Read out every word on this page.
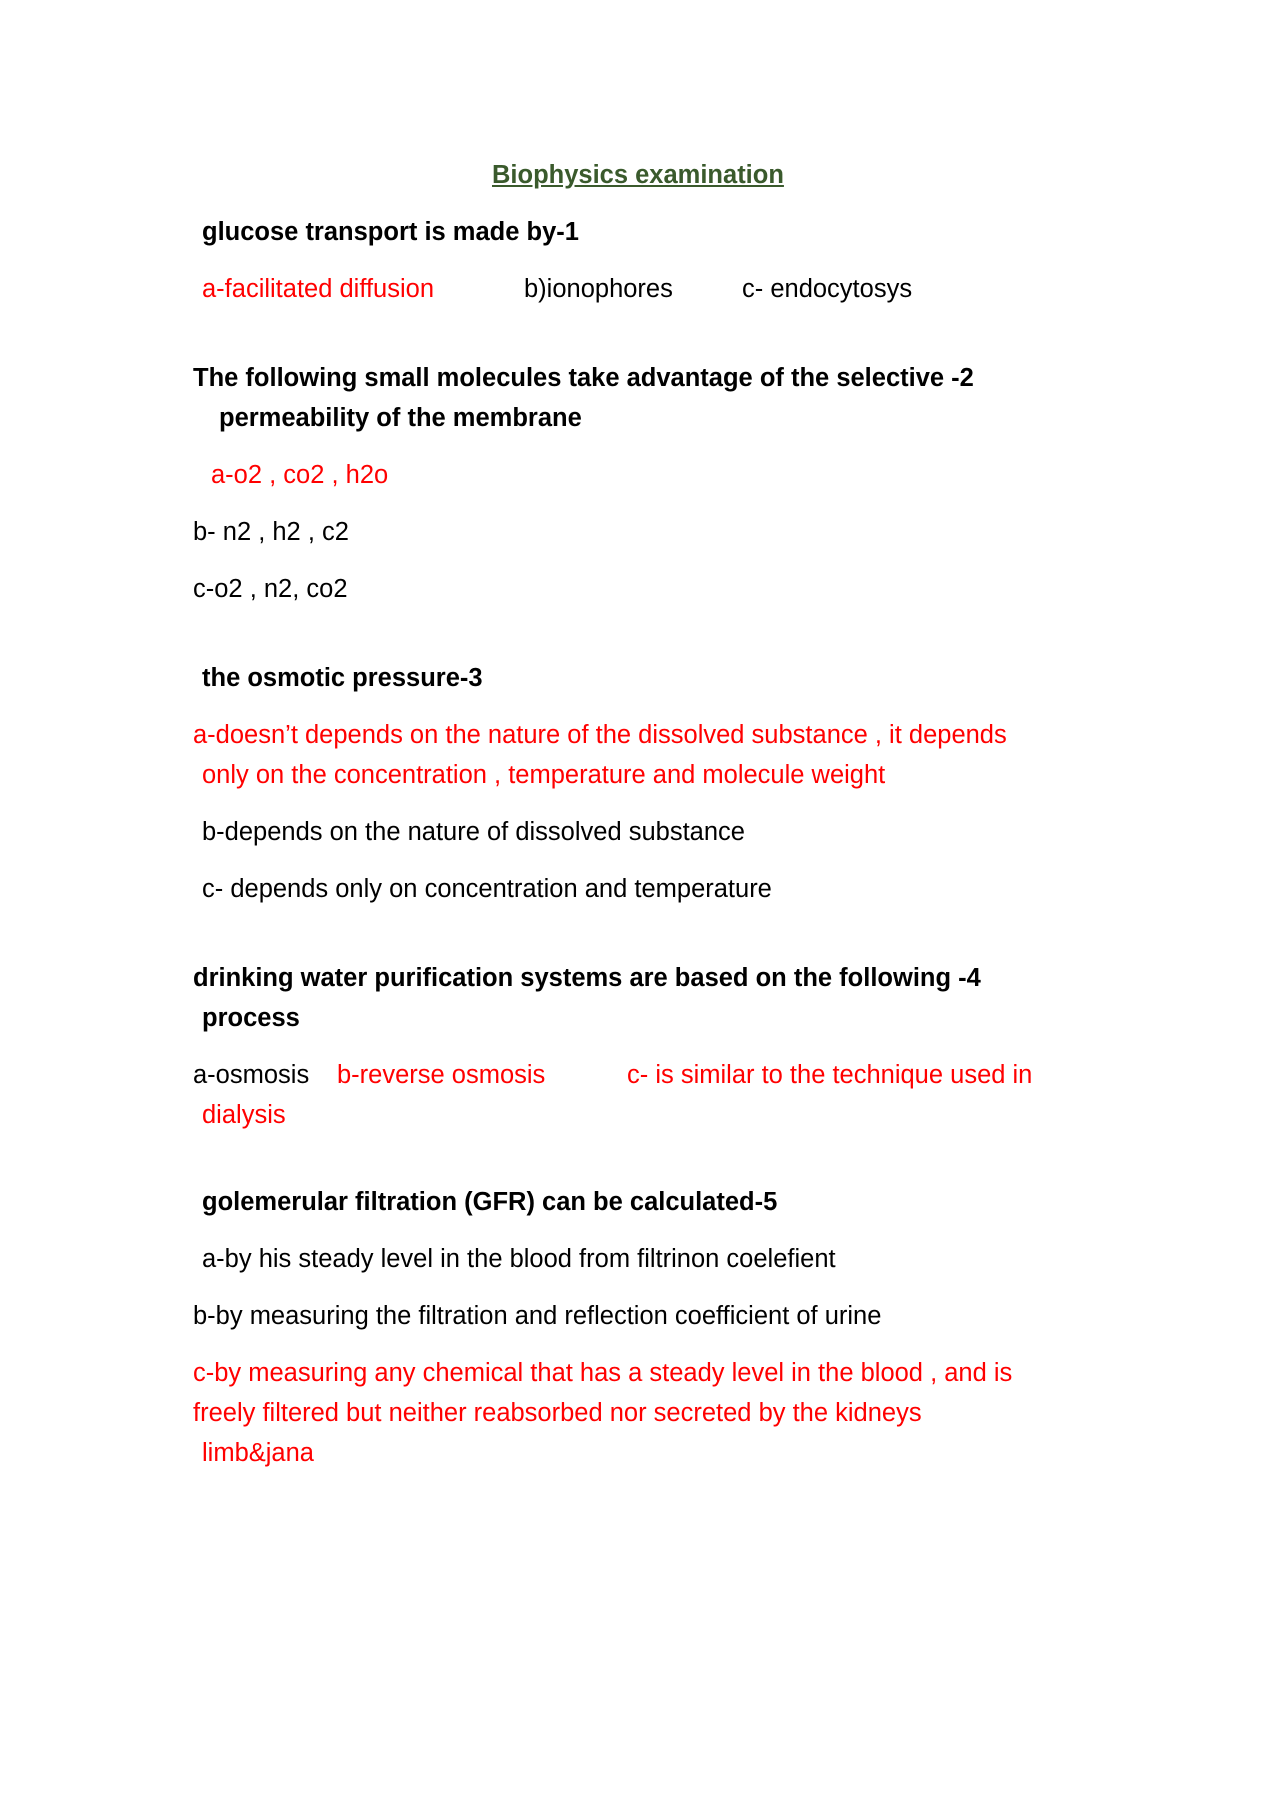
Biophysics examination
glucose transport is made by-1
a-facilitated diffusion	b)ionophores	c- endocytosys
The following small molecules take advantage of the selective -2
permeability of the membrane
a-o2 , co2 , h2o
b- n2 , h2 , c2
c-o2 , n2, co2
the osmotic pressure-3
a-doesn’t depends on the nature of the dissolved substance , it depends
only on the concentration , temperature and molecule weight
b-depends on the nature of dissolved substance
c- depends only on concentration and temperature
drinking water purification systems are based on the following -4
process
a-osmosis b-reverse osmosis	c- is similar to the technique used in
dialysis
golemerular filtration (GFR) can be calculated-5
a-by his steady level in the blood from filtrinon coelefient
b-by measuring the filtration and reflection coefficient of urine
c-by measuring any chemical that has a steady level in the blood , and is
freely filtered but neither reabsorbed nor secreted by the kidneys
limb&jana
